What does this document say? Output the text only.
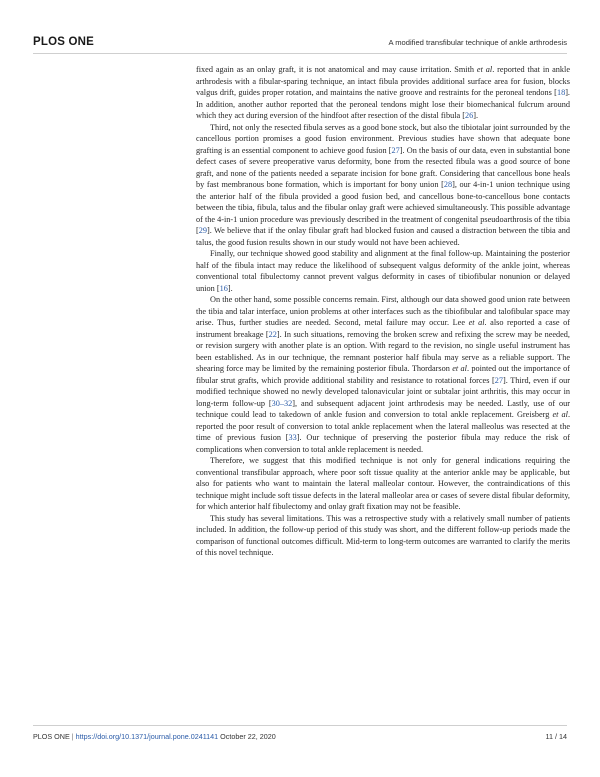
PLOS ONE	A modified transfibular technique of ankle arthrodesis

fixed again as an onlay graft, it is not anatomical and may cause irritation. Smith et al. reported that in ankle arthrodesis with a fibular-sparing technique, an intact fibula provides additional surface area for fusion, blocks valgus drift, guides proper rotation, and maintains the native groove and restraints for the peroneal tendons [18]. In addition, another author reported that the peroneal tendons might lose their biomechanical fulcrum around which they act during eversion of the hindfoot after resection of the distal fibula [26].

Third, not only the resected fibula serves as a good bone stock, but also the tibiotalar joint surrounded by the cancellous portion promises a good fusion environment. Previous studies have shown that adequate bone grafting is an essential component to achieve good fusion [27]. On the basis of our data, even in substantial bone defect cases of severe preoperative varus deformity, bone from the resected fibula was a good source of bone graft, and none of the patients needed a separate incision for bone graft. Considering that cancellous bone heals by fast membranous bone formation, which is important for bony union [28], our 4-in-1 union technique using the anterior half of the fibula provided a good fusion bed, and cancellous bone-to-cancellous bone contacts between the tibia, fibula, talus and the fibular onlay graft were achieved simultaneously. This possible advantage of the 4-in-1 union procedure was previously described in the treatment of congenital pseudoarthrosis of the tibia [29]. We believe that if the onlay fibular graft had blocked fusion and caused a distraction between the tibia and talus, the good fusion results shown in our study would not have been achieved.

Finally, our technique showed good stability and alignment at the final follow-up. Maintaining the posterior half of the fibula intact may reduce the likelihood of subsequent valgus deformity of the ankle joint, whereas conventional total fibulectomy cannot prevent valgus deformity in cases of tibiofibular nonunion or delayed union [16].

On the other hand, some possible concerns remain. First, although our data showed good union rate between the tibia and talar interface, union problems at other interfaces such as the tibiofibular and talofibular space may arise. Thus, further studies are needed. Second, metal failure may occur. Lee et al. also reported a case of instrument breakage [22]. In such situations, removing the broken screw and refixing the screw may be needed, or revision surgery with another plate is an option. With regard to the revision, no single useful instrument has been established. As in our technique, the remnant posterior half fibula may serve as a reliable support. The shearing force may be limited by the remaining posterior fibula. Thordarson et al. pointed out the importance of fibular strut grafts, which provide additional stability and resistance to rotational forces [27]. Third, even if our modified technique showed no newly developed talonavicular joint or subtalar joint arthritis, this may occur in long-term follow-up [30–32], and subsequent adjacent joint arthrodesis may be needed. Lastly, use of our technique could lead to takedown of ankle fusion and conversion to total ankle replacement. Greisberg et al. reported the poor result of conversion to total ankle replacement when the lateral malleolus was resected at the time of previous fusion [33]. Our technique of preserving the posterior fibula may reduce the risk of complications when conversion to total ankle replacement is needed.

Therefore, we suggest that this modified technique is not only for general indications requiring the conventional transfibular approach, where poor soft tissue quality at the anterior ankle may be applicable, but also for patients who want to maintain the lateral malleolar contour. However, the contraindications of this technique might include soft tissue defects in the lateral malleolar area or cases of severe distal fibular deformity, for which anterior half fibulectomy and onlay graft fixation may not be feasible.

This study has several limitations. This was a retrospective study with a relatively small number of patients included. In addition, the follow-up period of this study was short, and the different follow-up periods made the comparison of functional outcomes difficult. Mid-term to long-term outcomes are warranted to clarify the merits of this novel technique.

PLOS ONE | https://doi.org/10.1371/journal.pone.0241141 October 22, 2020	11 / 14
